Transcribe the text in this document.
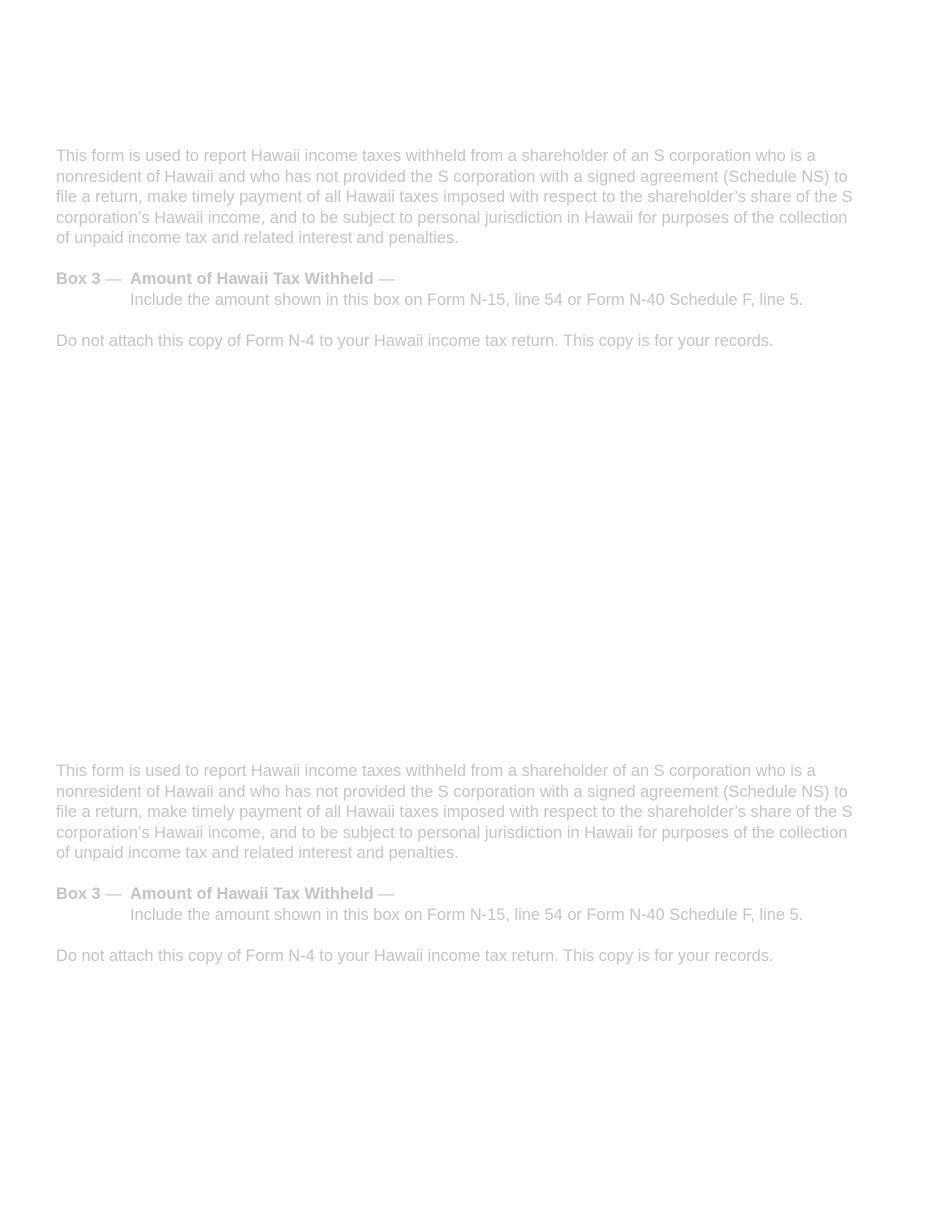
This form is used to report Hawaii income taxes withheld from a shareholder of an S corporation who is a
nonresident of Hawaii and who has not provided the S corporation with a signed agreement (Schedule NS) to
file a return, make timely payment of all Hawaii taxes imposed with respect to the shareholder’s share of the S
corporation’s Hawaii income, and to be subject to personal jurisdiction in Hawaii for purposes of the collection
of unpaid income tax and related interest and penalties.

Box 3 — Amount of Hawaii Tax Withheld —

Include the amount shown in this box on Form N-15, line 54 or Form N-40 Schedule F, line 5.

Do not attach this copy of Form N-4 to your Hawaii income tax return. This copy is for your records.

This form is used to report Hawaii income taxes withheld from a shareholder of an S corporation who is a
nonresident of Hawaii and who has not provided the S corporation with a signed agreement (Schedule NS) to
file a return, make timely payment of all Hawaii taxes imposed with respect to the shareholder’s share of the S
corporation’s Hawaii income, and to be subject to personal jurisdiction in Hawaii for purposes of the collection
of unpaid income tax and related interest and penalties.

Box 3 — Amount of Hawaii Tax Withheld —

Include the amount shown in this box on Form N-15, line 54 or Form N-40 Schedule F, line 5.

Do not attach this copy of Form N-4 to your Hawaii income tax return. This copy is for your records.
